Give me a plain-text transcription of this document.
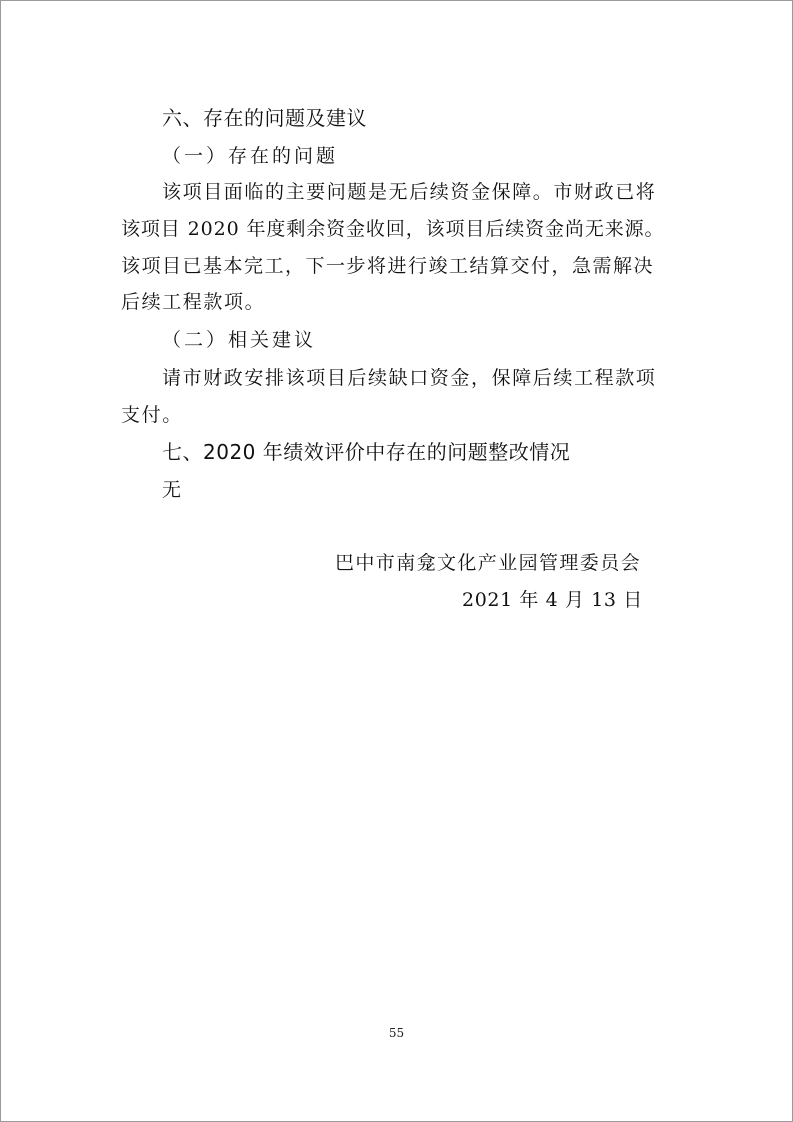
六、存在的问题及建议
（一）存在的问题
该项目面临的主要问题是无后续资金保障。市财政已将
该项目 2020 年度剩余资金收回，该项目后续资金尚无来源。
该项目已基本完工，下一步将进行竣工结算交付，急需解决
后续工程款项。
（二）相关建议
请市财政安排该项目后续缺口资金，保障后续工程款项
支付。
七、2020 年绩效评价中存在的问题整改情况
无
巴中市南龛文化产业园管理委员会
2021 年 4 月 13 日
55
